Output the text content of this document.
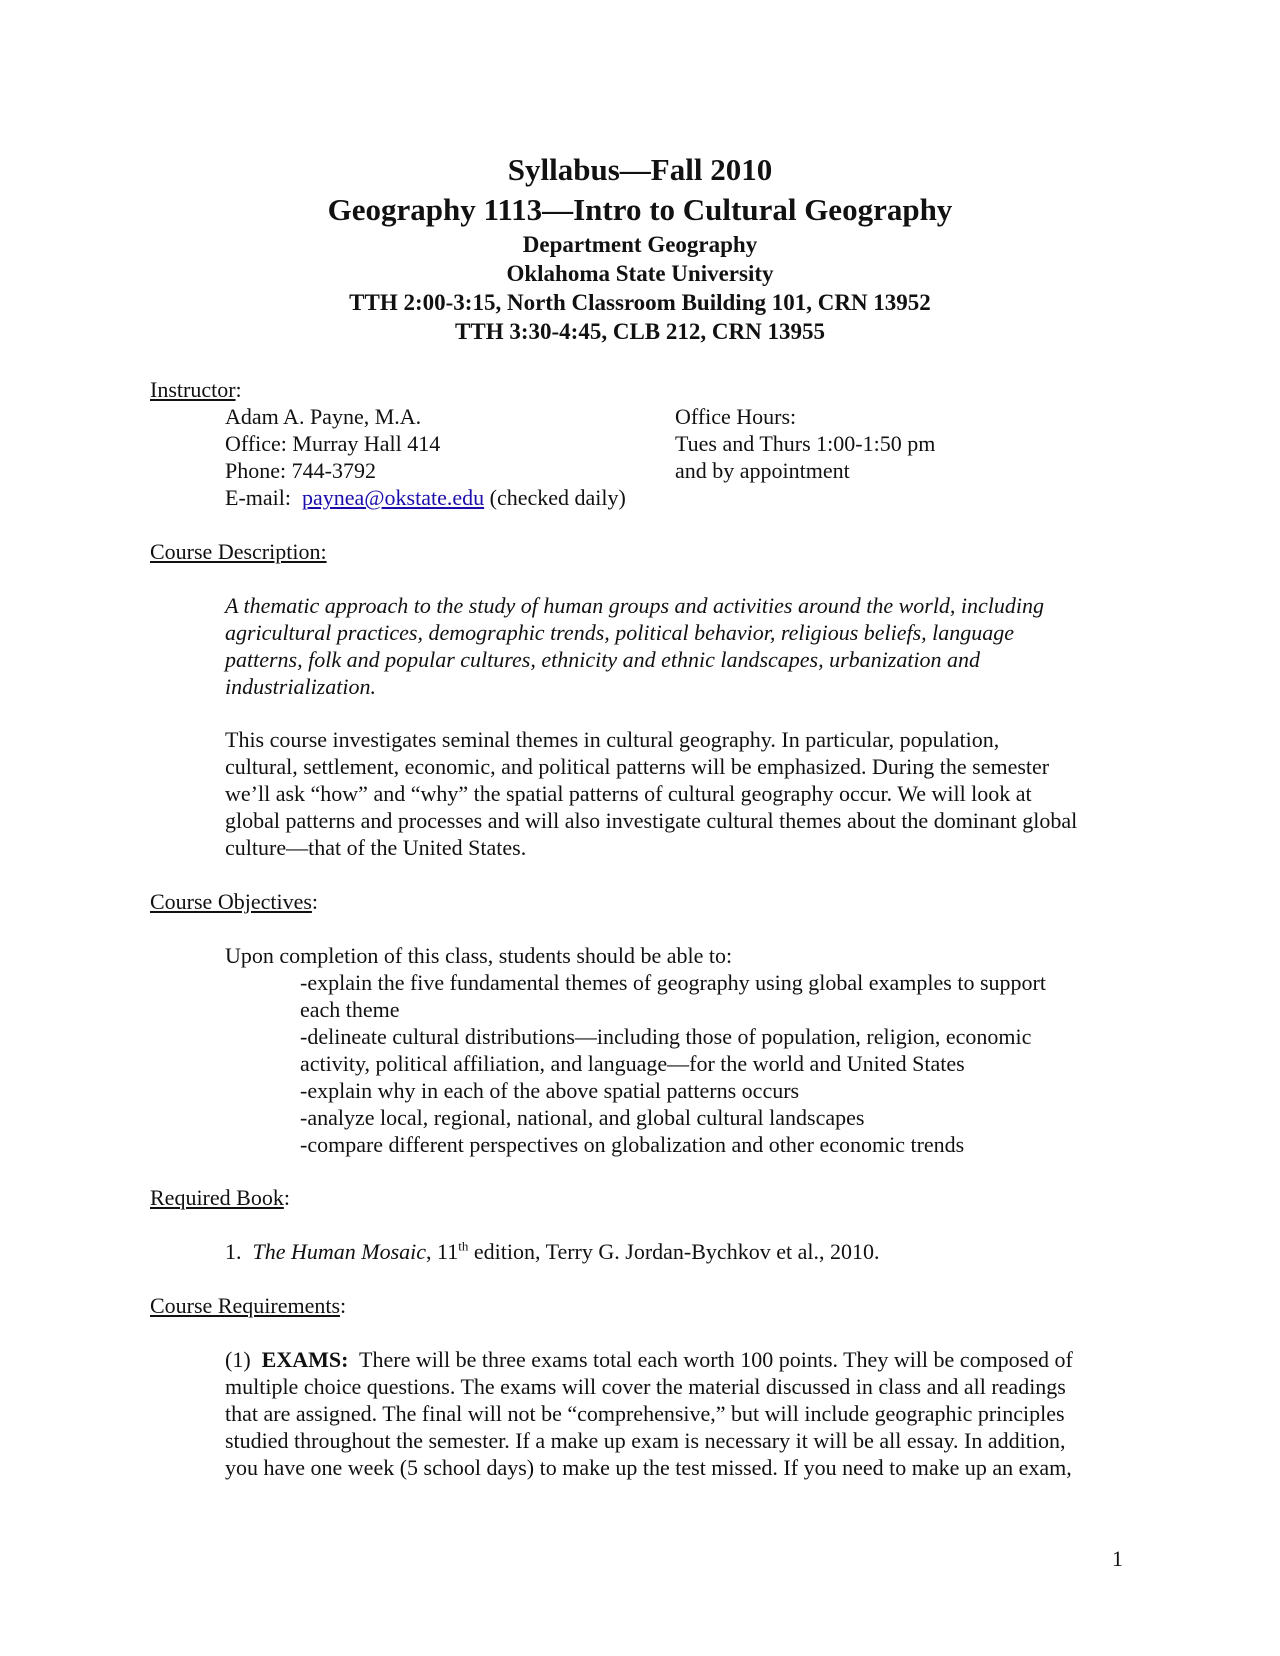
Syllabus—Fall 2010
Geography 1113—Intro to Cultural Geography
Department Geography
Oklahoma State University
TTH 2:00-3:15, North Classroom Building 101, CRN 13952
TTH 3:30-4:45, CLB 212, CRN 13955
Instructor:
Adam A. Payne, M.A.
Office: Murray Hall 414
Phone: 744-3792
E-mail: paynea@okstate.edu (checked daily)
Office Hours:
Tues and Thurs 1:00-1:50 pm
and by appointment
Course Description:
A thematic approach to the study of human groups and activities around the world, including
agricultural practices, demographic trends, political behavior, religious beliefs, language
patterns, folk and popular cultures, ethnicity and ethnic landscapes, urbanization and
industrialization.
This course investigates seminal themes in cultural geography. In particular, population,
cultural, settlement, economic, and political patterns will be emphasized. During the semester
we’ll ask “how” and “why” the spatial patterns of cultural geography occur. We will look at
global patterns and processes and will also investigate cultural themes about the dominant global
culture—that of the United States.
Course Objectives:
Upon completion of this class, students should be able to:
-explain the five fundamental themes of geography using global examples to support
each theme
-delineate cultural distributions—including those of population, religion, economic
activity, political affiliation, and language—for the world and United States
-explain why in each of the above spatial patterns occurs
-analyze local, regional, national, and global cultural landscapes
-compare different perspectives on globalization and other economic trends
Required Book:
1. The Human Mosaic, 11th edition, Terry G. Jordan-Bychkov et al., 2010.
Course Requirements:
(1) EXAMS: There will be three exams total each worth 100 points. They will be composed of
multiple choice questions. The exams will cover the material discussed in class and all readings
that are assigned. The final will not be “comprehensive,” but will include geographic principles
studied throughout the semester. If a make up exam is necessary it will be all essay. In addition,
you have one week (5 school days) to make up the test missed. If you need to make up an exam,
1
